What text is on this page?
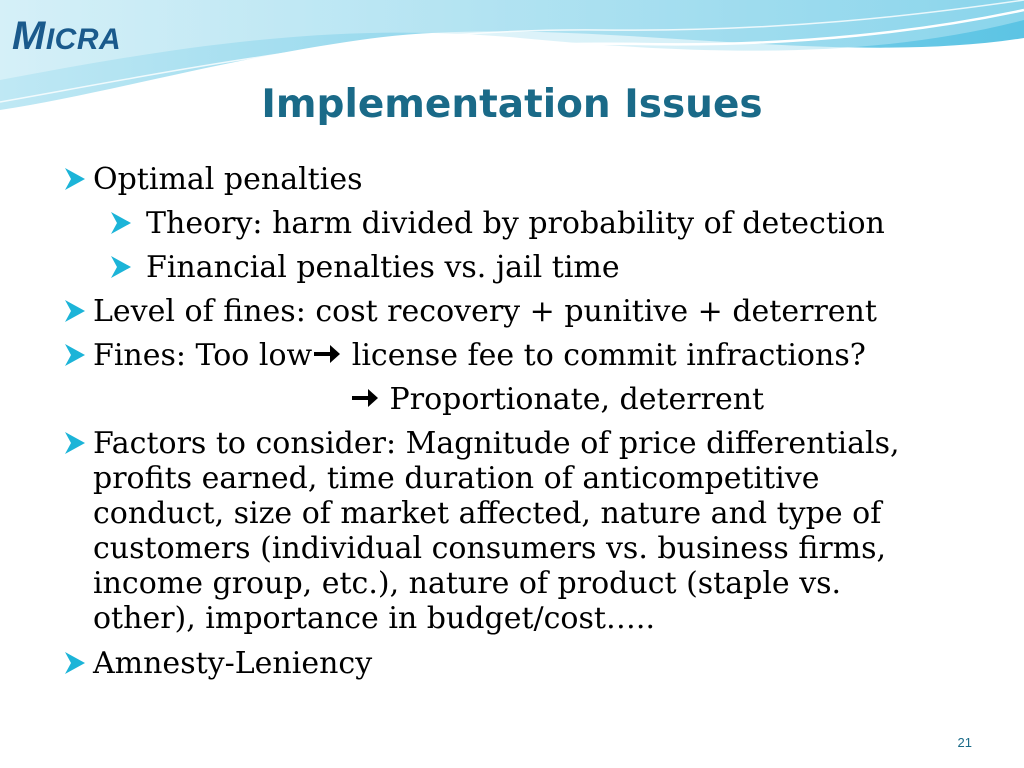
MICRA
Implementation Issues
Optimal penalties
Theory: harm divided by probability of detection
Financial penalties vs. jail time
Level of fines: cost recovery + punitive + deterrent
Fines: Too low license fee to commit infractions?
Proportionate, deterrent
Factors to consider: Magnitude of price differentials, profits earned, time duration of anticompetitive conduct, size of market affected, nature and type of customers (individual consumers vs. business firms, income group, etc.), nature of product (staple vs. other), importance in budget/cost…..
Amnesty-Leniency
21
